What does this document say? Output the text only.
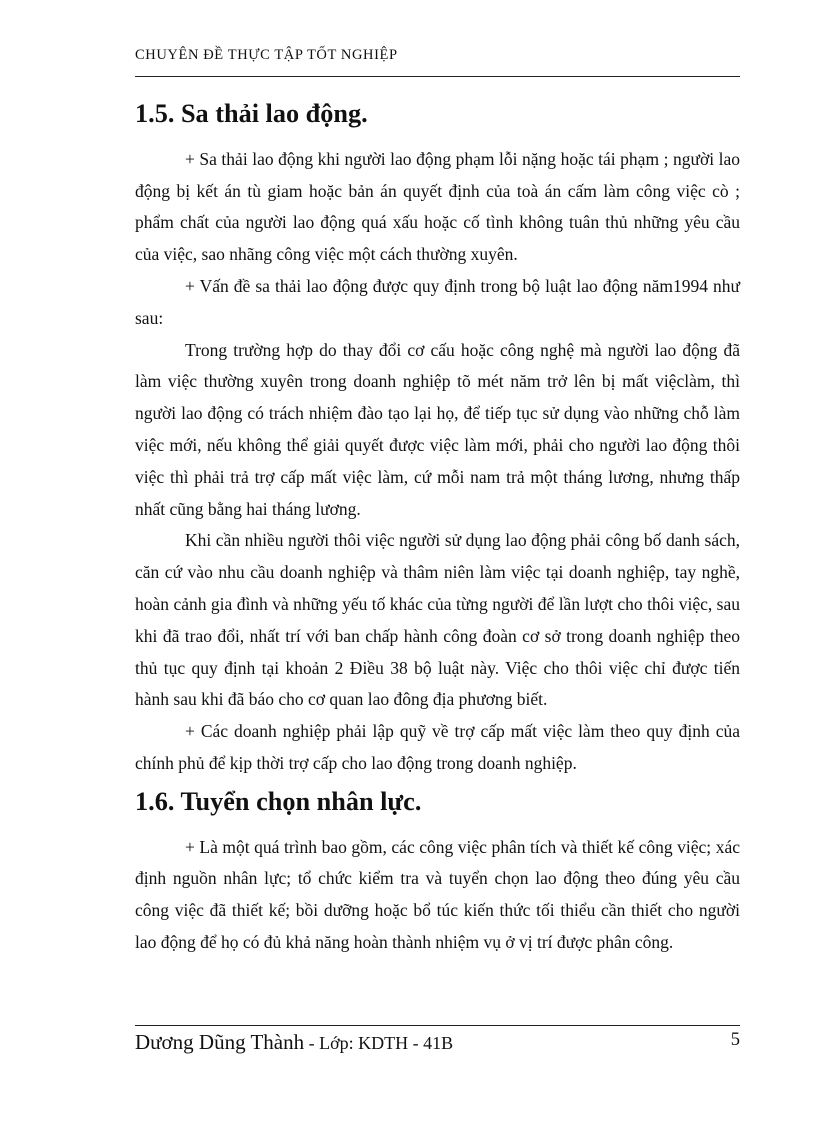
CHUYÊN ĐỀ THỰC TẬP TỐT NGHIỆP
1.5. Sa thải lao động.

+ Sa thải lao động khi người lao động phạm lỗi nặng hoặc tái phạm ; người lao động bị kết án tù giam hoặc bản án quyết định của toà án cấm làm công việc cò ; phẩm chất của người lao động quá xấu hoặc cố tình không tuân thủ những yêu cầu của việc, sao nhãng công việc một cách thường xuyên.

+ Vấn đề sa thải lao động được quy định trong bộ luật lao động năm1994 như sau:

Trong trường hợp do thay đổi cơ cấu hoặc công nghệ mà người lao động đã làm việc thường xuyên trong doanh nghiệp tõ mét năm trở lên bị mất việclàm, thì người lao động có trách nhiệm đào tạo lại họ, để tiếp tục sử dụng vào những chỗ làm việc mới, nếu không thể giải quyết được việc làm mới, phải cho người lao động thôi việc thì phải trả trợ cấp mất việc làm, cứ mỗi nam trả một tháng lương, nhưng thấp nhất cũng bằng hai tháng lương.

Khi cần nhiều người thôi việc người sử dụng lao động phải công bố danh sách, căn cứ vào nhu cầu doanh nghiệp và thâm niên làm việc tại doanh nghiệp, tay nghề, hoàn cảnh gia đình và những yếu tố khác của từng người để lần lượt cho thôi việc, sau khi đã trao đổi, nhất trí với ban chấp hành công đoàn cơ sở trong doanh nghiệp theo thủ tục quy định tại khoản 2 Điều 38 bộ luật này. Việc cho thôi việc chỉ được tiến hành sau khi đã báo cho cơ quan lao đông địa phương biết.

+ Các doanh nghiệp phải lập quỹ về trợ cấp mất việc làm theo quy định của chính phủ để kịp thời trợ cấp cho lao động trong doanh nghiệp.

1.6. Tuyển chọn nhân lực.

+ Là một quá trình bao gồm, các công việc phân tích và thiết kế công việc; xác định nguồn nhân lực; tổ chức kiểm tra và tuyển chọn lao động theo đúng yêu cầu công việc đã thiết kế; bồi dưỡng hoặc bổ túc kiến thức tối thiểu cần thiết cho người lao động để họ có đủ khả năng hoàn thành nhiệm vụ ở vị trí được phân công.

Dương Dũng Thành - Lớp: KDTH - 41B	5
